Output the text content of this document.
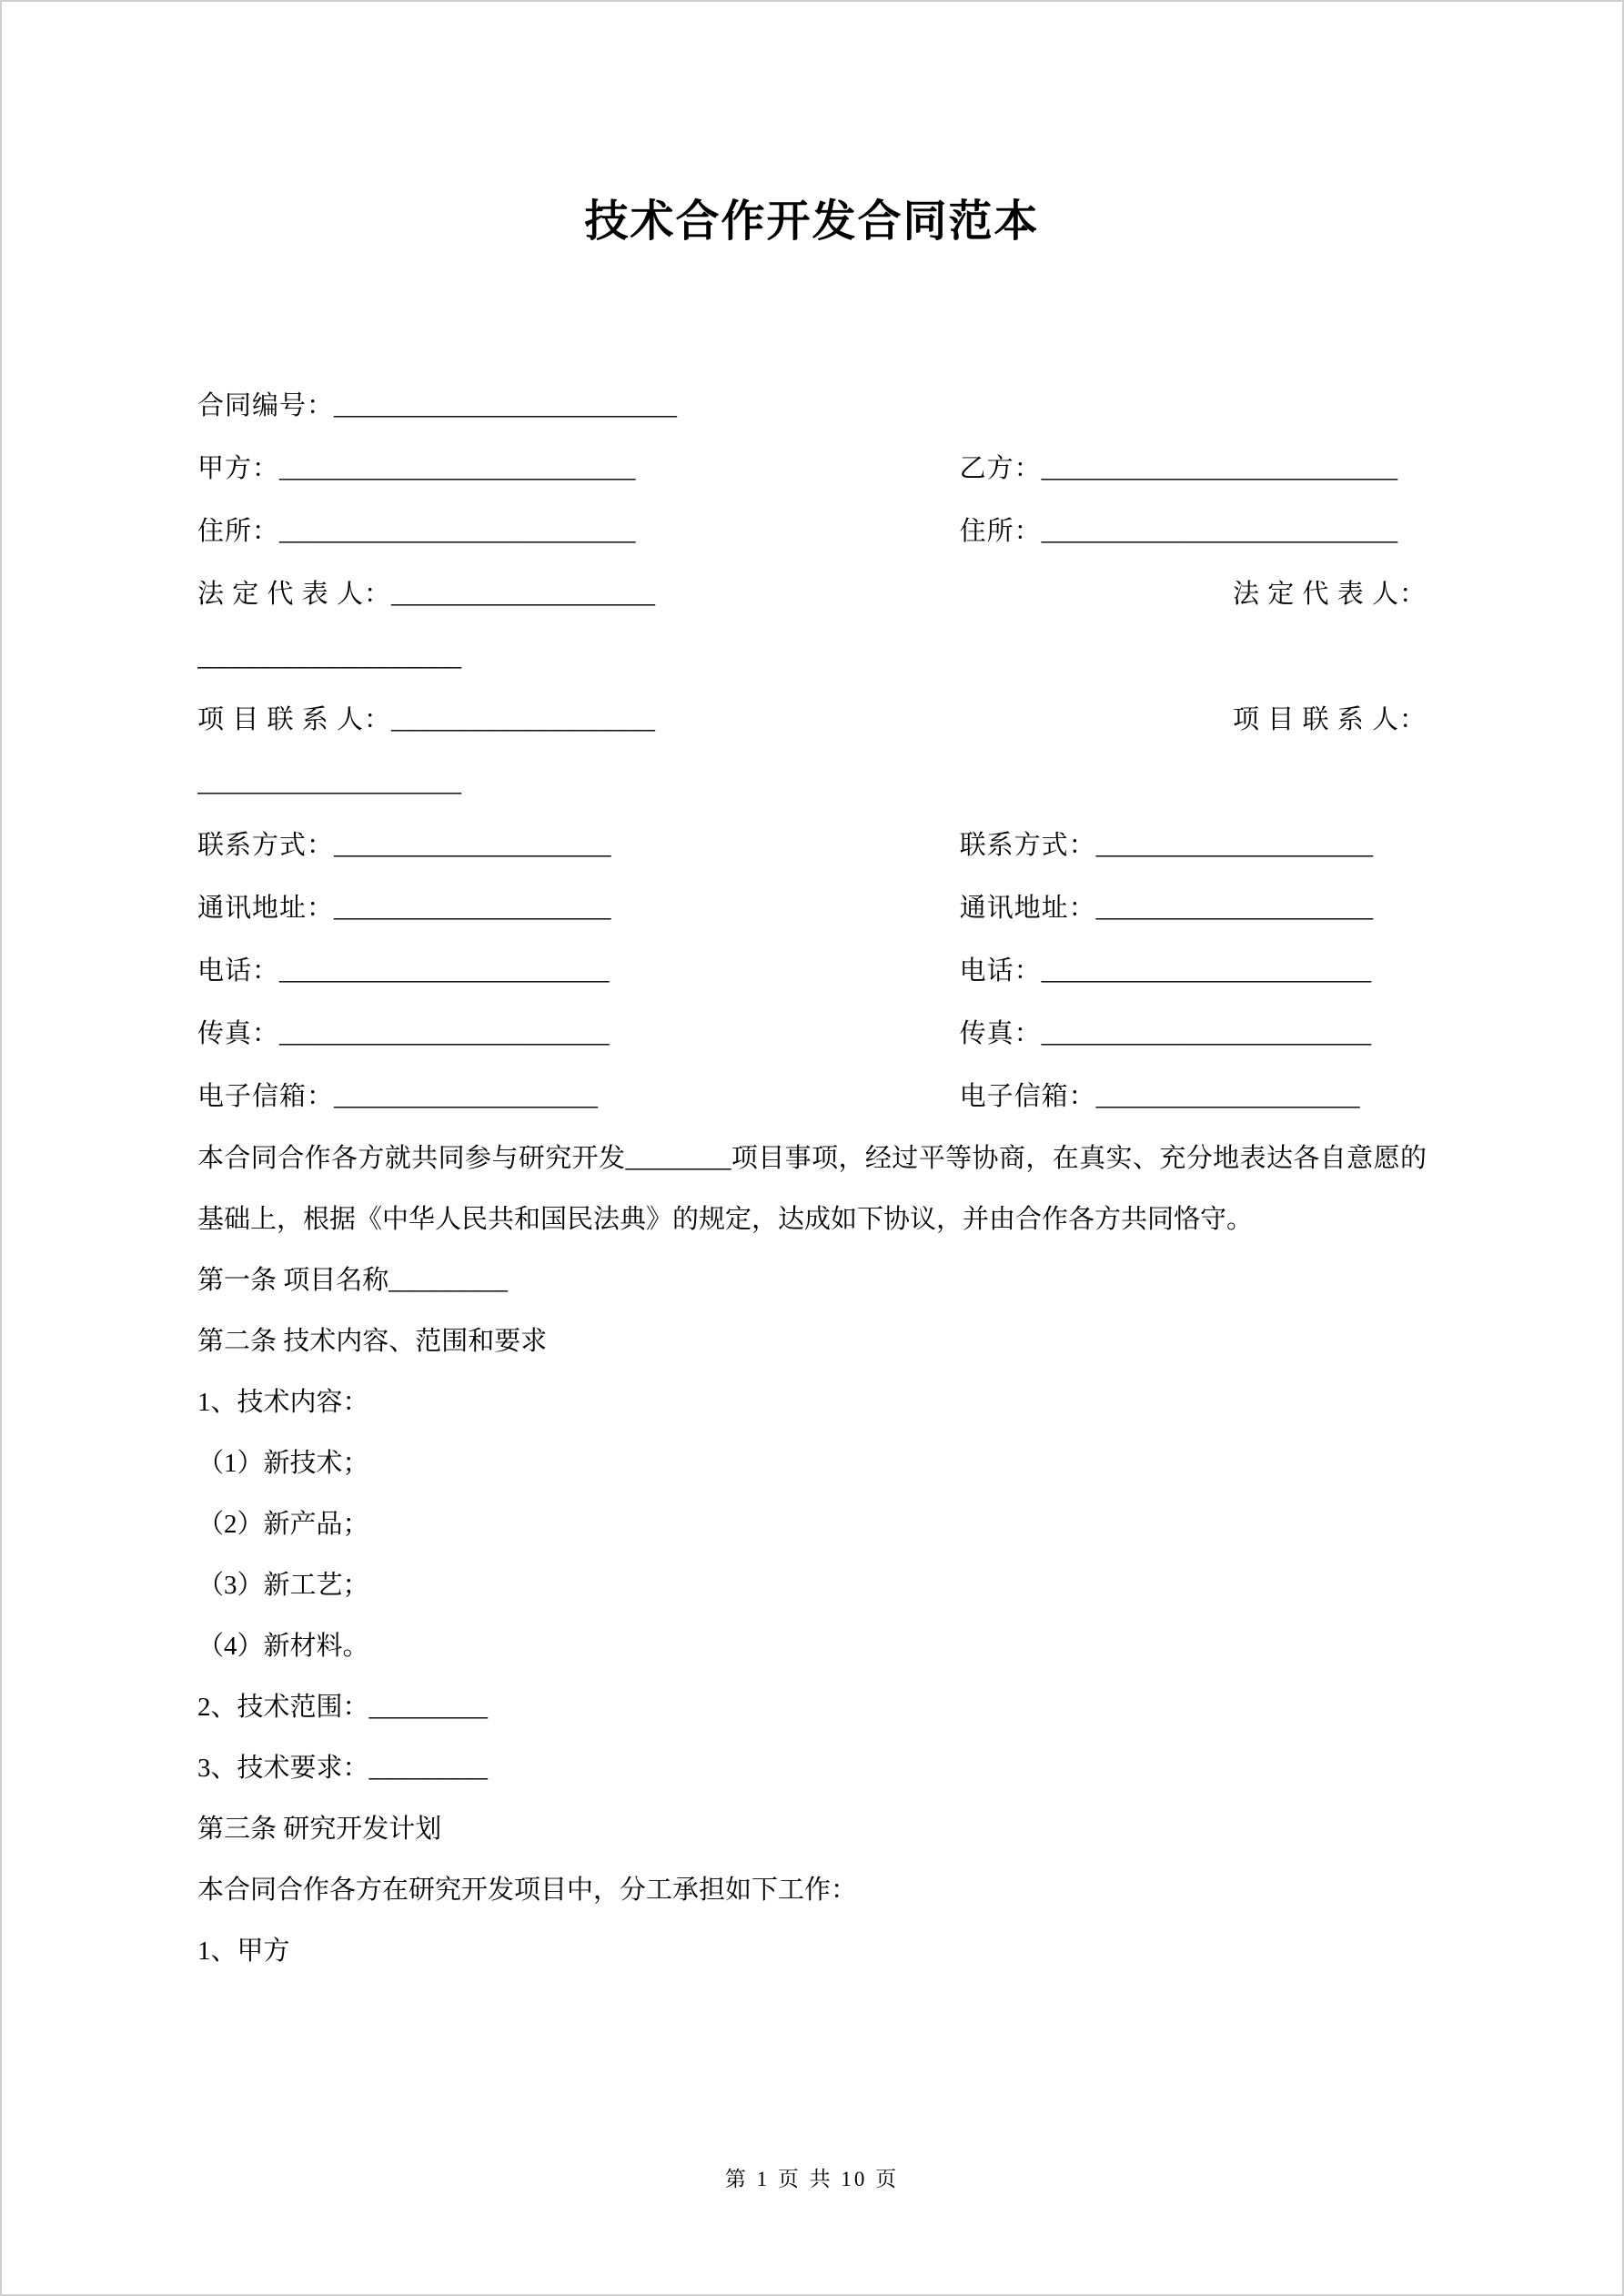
技术合作开发合同范本
合同编号：__________________________
甲方：___________________________	乙方：___________________________
住所：___________________________	住所：___________________________
法 定 代 表 人：____________________	法 定 代 表 人：
____________________
项 目 联 系 人：____________________	项 目 联 系 人：
____________________
联系方式：_____________________	联系方式：_____________________
通讯地址：_____________________	通讯地址：_____________________
电话：_________________________	电话：_________________________
传真：_________________________	传真：_________________________
电子信箱：____________________	电子信箱：____________________

本合同合作各方就共同参与研究开发________项目事项，经过平等协商，在真实、充分地表达各自意愿的基础上，根据《中华人民共和国民法典》的规定，达成如下协议，并由合作各方共同恪守。

第一条 项目名称_________

第二条 技术内容、范围和要求

1、技术内容：

（1）新技术；

（2）新产品；

（3）新工艺；

（4）新材料。

2、技术范围：_________

3、技术要求：_________

第三条 研究开发计划

本合同合作各方在研究开发项目中，分工承担如下工作：

1、甲方

第 1 页 共 10 页
